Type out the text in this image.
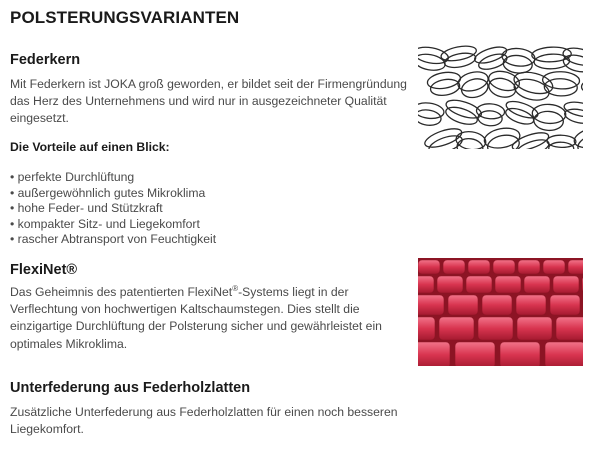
POLSTERUNGSVARIANTEN
Federkern
Mit Federkern ist JOKA groß geworden, er bildet seit der Firmengründung
das Herz des Unternehmens und wird nur in ausgezeichneter Qualität
eingesetzt.
Die Vorteile auf einen Blick:
• perfekte Durchlüftung
• außergewöhnlich gutes Mikroklima
• hohe Feder- und Stützkraft
• kompakter Sitz- und Liegekomfort
• rascher Abtransport von Feuchtigkeit
FlexiNet®
Das Geheimnis des patentierten FlexiNet®-Systems liegt in der
Verflechtung von hochwertigen Kaltschaumstegen. Dies stellt die
einzigartige Durchlüftung der Polsterung sicher und gewährleistet ein
optimales Mikroklima.
Unterfederung aus Federholzlatten
Zusätzliche Unterfederung aus Federholzlatten für einen noch besseren
Liegekomfort.
